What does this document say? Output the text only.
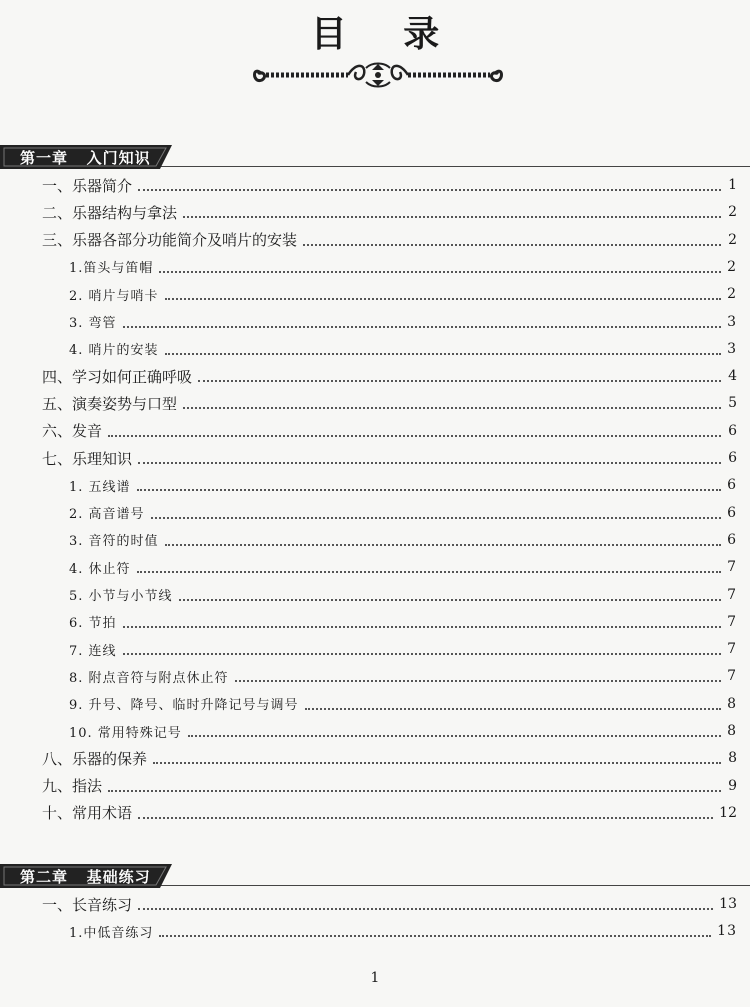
目 录
第一章   入门知识
一、乐器简介	1
二、乐器结构与拿法	2
三、乐器各部分功能简介及哨片的安装	2
1.笛头与笛帽	2
2. 哨片与哨卡	2
3. 弯管	3
4. 哨片的安装	3
四、学习如何正确呼吸	4
五、演奏姿势与口型	5
六、发音	6
七、乐理知识	6
1. 五线谱	6
2. 高音谱号	6
3. 音符的时值	6
4. 休止符	7
5. 小节与小节线	7
6. 节拍	7
7. 连线	7
8. 附点音符与附点休止符	7
9. 升号、降号、临时升降记号与调号	8
10. 常用特殊记号	8
八、乐器的保养	8
九、指法	9
十、常用术语	12
第二章   基础练习
一、长音练习	13
1.中低音练习	13
1
